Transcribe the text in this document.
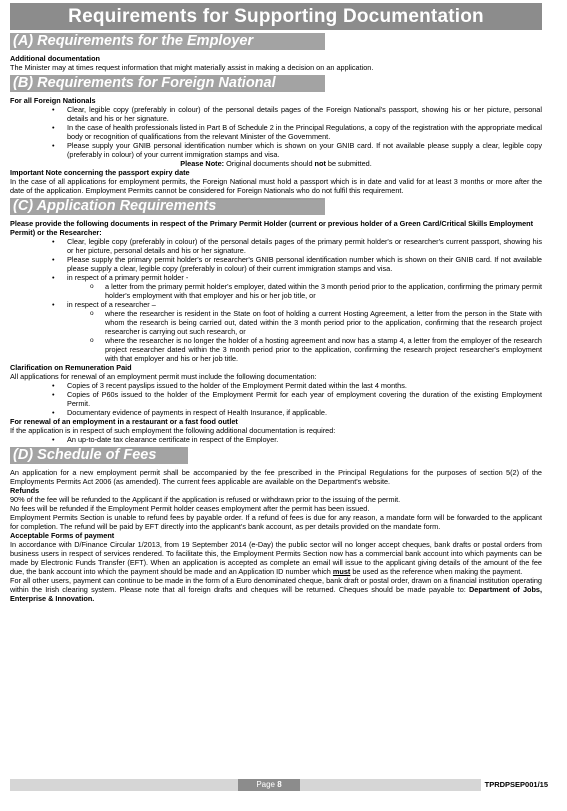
Requirements for Supporting Documentation
(A) Requirements for the Employer

Additional documentation

The Minister may at times request information that might materially assist in making a decision on an application.

(B) Requirements for Foreign National

For all Foreign Nationals

• Clear, legible copy (preferably in colour) of the personal details pages of the Foreign National's passport, showing his or her picture, personal details and his or her signature.
• In the case of health professionals listed in Part B of Schedule 2 in the Principal Regulations, a copy of the registration with the appropriate medical body or recognition of qualifications from the relevant Minister of the Government.
• Please supply your GNIB personal identification number which is shown on your GNIB card. If not available please supply a clear, legible copy (preferably in colour) of your current immigration stamps and visa.

Please Note: Original documents should not be submitted.

Important Note concerning the passport expiry date

In the case of all applications for employment permits, the Foreign National must hold a passport which is in date and valid for at least 3 months or more after the date of the application. Employment Permits cannot be considered for Foreign Nationals who do not fulfil this requirement.

(C) Application Requirements

Please provide the following documents in respect of the Primary Permit Holder (current or previous holder of a Green Card/Critical Skills Employment Permit) or the Researcher:

• Clear, legible copy (preferably in colour) of the personal details pages of the primary permit holder's or researcher's current passport, showing his or her picture, personal details and his or her signature.
• Please supply the primary permit holder's or researcher's GNIB personal identification number which is shown on their GNIB card. If not available please supply a clear, legible copy (preferably in colour) of their current immigration stamps and visa.
• in respect of a primary permit holder -
o a letter from the primary permit holder's employer, dated within the 3 month period prior to the application, confirming the primary permit holder's employment with that employer and his or her job title, or
• in respect of a researcher –
o where the researcher is resident in the State on foot of holding a current Hosting Agreement, a letter from the person in the State with whom the research is being carried out, dated within the 3 month period prior to the application, confirming that the research project researcher is carrying out such research, or
o where the researcher is no longer the holder of a hosting agreement and now has a stamp 4, a letter from the employer of the research project researcher dated within the 3 month period prior to the application, confirming the research project researcher's employment with that employer and his or her job title.

Clarification on Remuneration Paid

All applications for renewal of an employment permit must include the following documentation:

• Copies of 3 recent payslips issued to the holder of the Employment Permit dated within the last 4 months.
• Copies of P60s issued to the holder of the Employment Permit for each year of employment covering the duration of the existing Employment Permit.
• Documentary evidence of payments in respect of Health Insurance, if applicable.

For renewal of an employment in a restaurant or a fast food outlet

If the application is in respect of such employment the following additional documentation is required:

• An up-to-date tax clearance certificate in respect of the Employer.
(D) Schedule of Fees

An application for a new employment permit shall be accompanied by the fee prescribed in the Principal Regulations for the purposes of section 5(2) of the Employments Permits Act 2006 (as amended). The current fees applicable are available on the Department's website.

Refunds

90% of the fee will be refunded to the Applicant if the application is refused or withdrawn prior to the issuing of the permit.

No fees will be refunded if the Employment Permit holder ceases employment after the permit has been issued.

Employment Permits Section is unable to refund fees by payable order. If a refund of fees is due for any reason, a mandate form will be forwarded to the applicant for completion. The refund will be paid by EFT directly into the applicant's bank account, as per details provided on the mandate form.

Acceptable Forms of payment

In accordance with D/Finance Circular 1/2013, from 19 September 2014 (e-Day) the public sector will no longer accept cheques, bank drafts or postal orders from business users in respect of services rendered. To facilitate this, the Employment Permits Section now has a commercial bank account into which payments can be made by Electronic Funds Transfer (EFT). When an application is accepted as complete an email will issue to the applicant giving details of the amount of the fee due, the bank account into which the payment should be made and an Application ID number which must be used as the reference when making the payment.

For all other users, payment can continue to be made in the form of a Euro denominated cheque, bank draft or postal order, drawn on a financial institution operating within the Irish clearing system. Please note that all foreign drafts and cheques will be returned. Cheques should be made payable to: Department of Jobs, Enterprise & Innovation.

Page 8	TPRDPSEP001/15
